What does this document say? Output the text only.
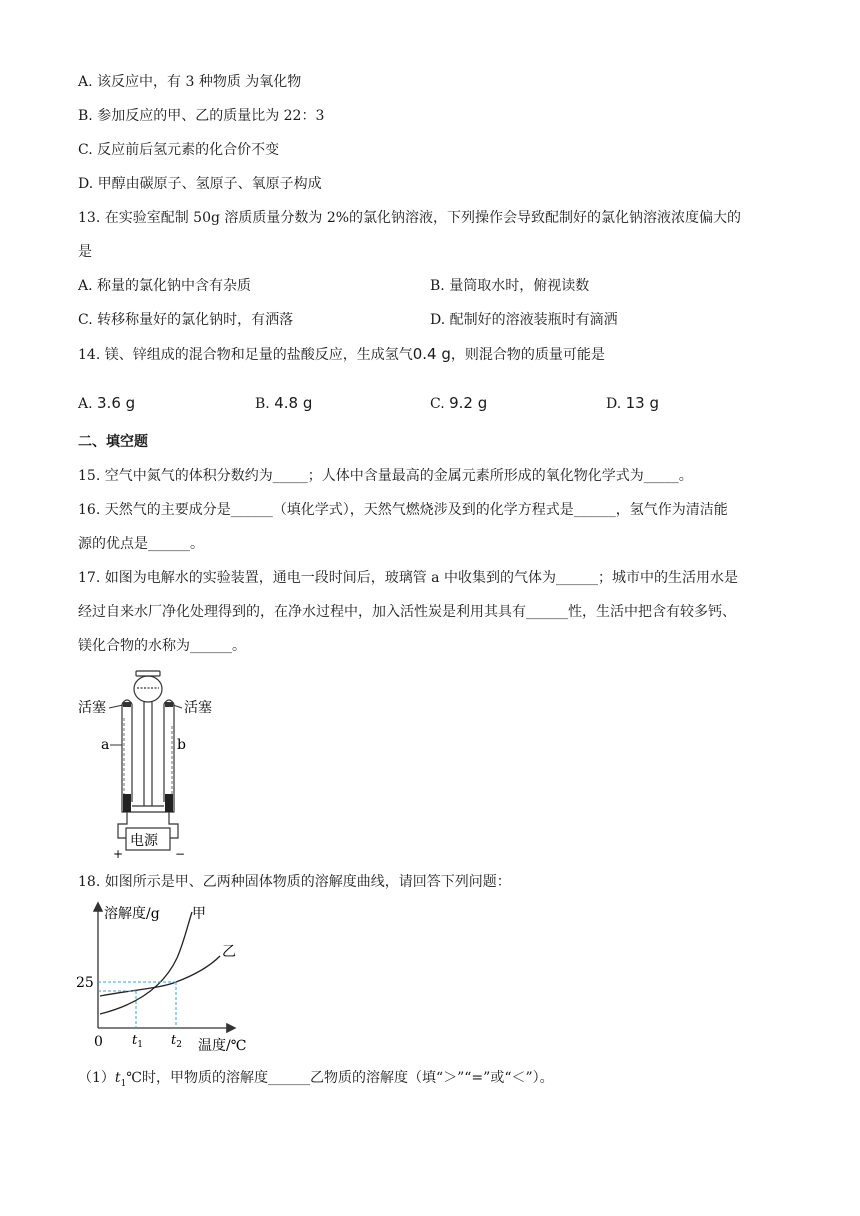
A. 该反应中，有 3 种物质 为氧化物
B. 参加反应的甲、乙的质量比为 22：3
C. 反应前后氢元素的化合价不变
D. 甲醇由碳原子、氢原子、氧原子构成
13. 在实验室配制 50g 溶质质量分数为 2%的氯化钠溶液，下列操作会导致配制好的氯化钠溶液浓度偏大的
是
A. 称量的氯化钠中含有杂质	B. 量筒取水时，俯视读数
C. 转移称量好的氯化钠时，有洒落	D. 配制好的溶液装瓶时有滴洒
14. 镁、锌组成的混合物和足量的盐酸反应，生成氢气0.4 g，则混合物的质量可能是
A. 3.6 g	B. 4.8 g	C. 9.2 g	D. 13 g
二、填空题
15. 空气中氮气的体积分数约为_____；人体中含量最高的金属元素所形成的氧化物化学式为_____。
16. 天然气的主要成分是______（填化学式），天然气燃烧涉及到的化学方程式是______，氢气作为清洁能
源的优点是______。
17. 如图为电解水的实验装置，通电一段时间后，玻璃管 a 中收集到的气体为______；城市中的生活用水是
经过自来水厂净化处理得到的，在净水过程中，加入活性炭是利用其具有______性，生活中把含有较多钙、
镁化合物的水称为______。
电源
+	−
活塞	活塞
a	b
18. 如图所示是甲、乙两种固体物质的溶解度曲线，请回答下列问题：
溶解度/g 甲
乙
25
0 $t_1$ $t_2$ 温度/℃
$(1)t_1℃$时，甲物质的溶解度______乙物质的溶解度（填“＞”“=”或“＜”）。
